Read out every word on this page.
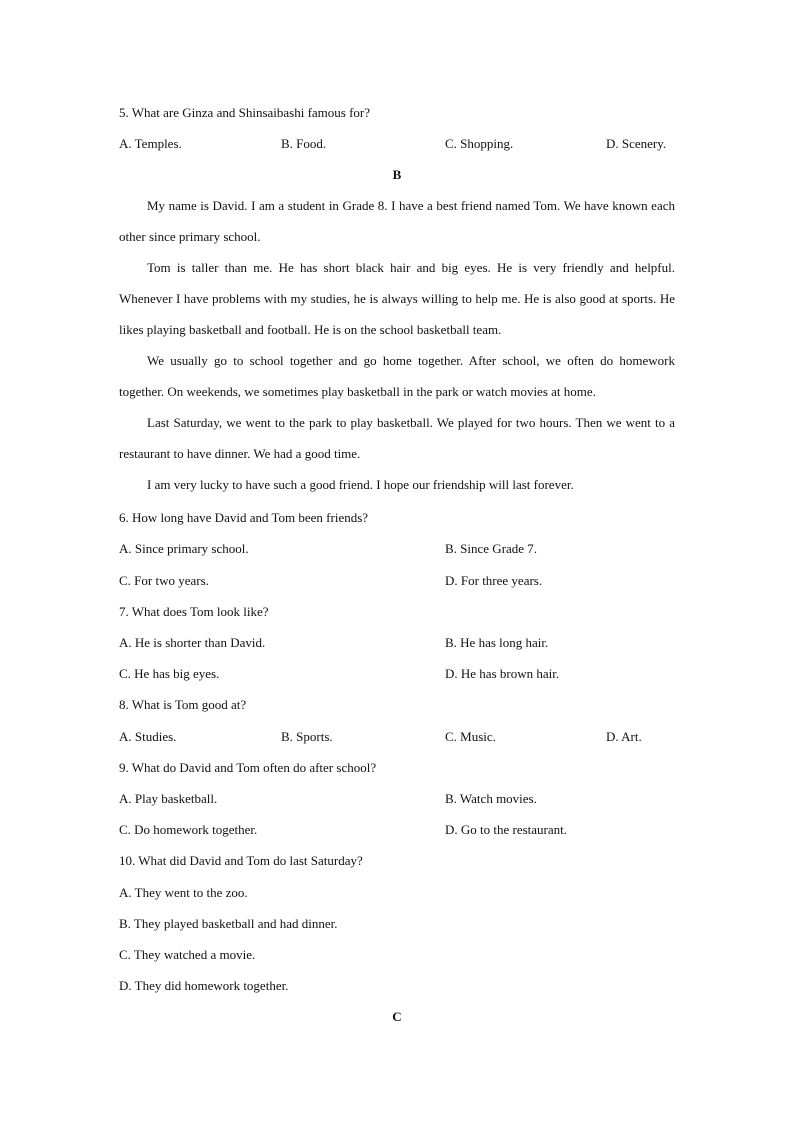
5. What are Ginza and Shinsaibashi famous for?
A. Temples.	B. Food.	C. Shopping.	D. Scenery.
B

My name is David. I am a student in Grade 8. I have a best friend named Tom. We have known each other since primary school.

Tom is taller than me. He has short black hair and big eyes. He is very friendly and helpful. Whenever I have problems with my studies, he is always willing to help me. He is also good at sports. He likes playing basketball and football. He is on the school basketball team.

We usually go to school together and go home together. After school, we often do homework together. On weekends, we sometimes play basketball in the park or watch movies at home.

Last Saturday, we went to the park to play basketball. We played for two hours. Then we went to a restaurant to have dinner. We had a good time.

I am very lucky to have such a good friend. I hope our friendship will last forever.

6. How long have David and Tom been friends?
A. Since primary school.	B. Since Grade 7.
C. For two years.	D. For three years.
7. What does Tom look like?
A. He is shorter than David.	B. He has long hair.
C. He has big eyes.	D. He has brown hair.
8. What is Tom good at?
A. Studies.	B. Sports.	C. Music.	D. Art.
9. What do David and Tom often do after school?
A. Play basketball.	B. Watch movies.
C. Do homework together.	D. Go to the restaurant.
10. What did David and Tom do last Saturday?
A. They went to the zoo.
B. They played basketball and had dinner.
C. They watched a movie.
D. They did homework together.
C
